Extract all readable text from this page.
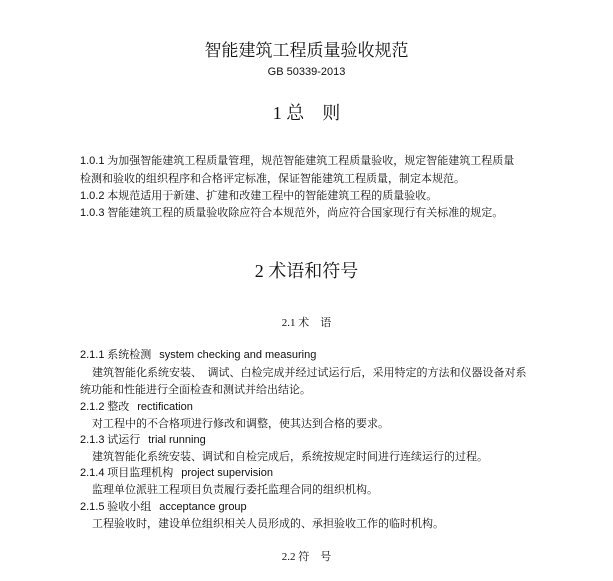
智能建筑工程质量验收规范
GB 50339-2013
1 总　则
1.0.1 为加强智能建筑工程质量管理，规范智能建筑工程质量验收，规定智能建筑工程质量
检测和验收的组织程序和合格评定标准，保证智能建筑工程质量，制定本规范。
1.0.2 本规范适用于新建、扩建和改建工程中的智能建筑工程的质量验收。
1.0.3 智能建筑工程的质量验收除应符合本规范外，尚应符合国家现行有关标准的规定。
2 术语和符号
2.1 术　语
2.1.1 系统检测 system checking and measuring
建筑智能化系统安装、　调试、白检完成并经过试运行后，采用特定的方法和仪器设备对系
统功能和性能进行全面检查和测试并给出结论。
2.1.2 整改 rectification
对工程中的不合格项进行修改和调整，使其达到合格的要求。
2.1.3 试运行 trial running
建筑智能化系统安装、调试和自检完成后，系统按规定时间进行连续运行的过程。
2.1.4 项目监理机构 project supervision
监理单位派驻工程项目负责履行委托监理合同的组织机构。
2.1.5 验收小组 acceptance group
工程验收时，建设单位组织相关人员形成的、承担验收工作的临时机构。
2.2 符　号
